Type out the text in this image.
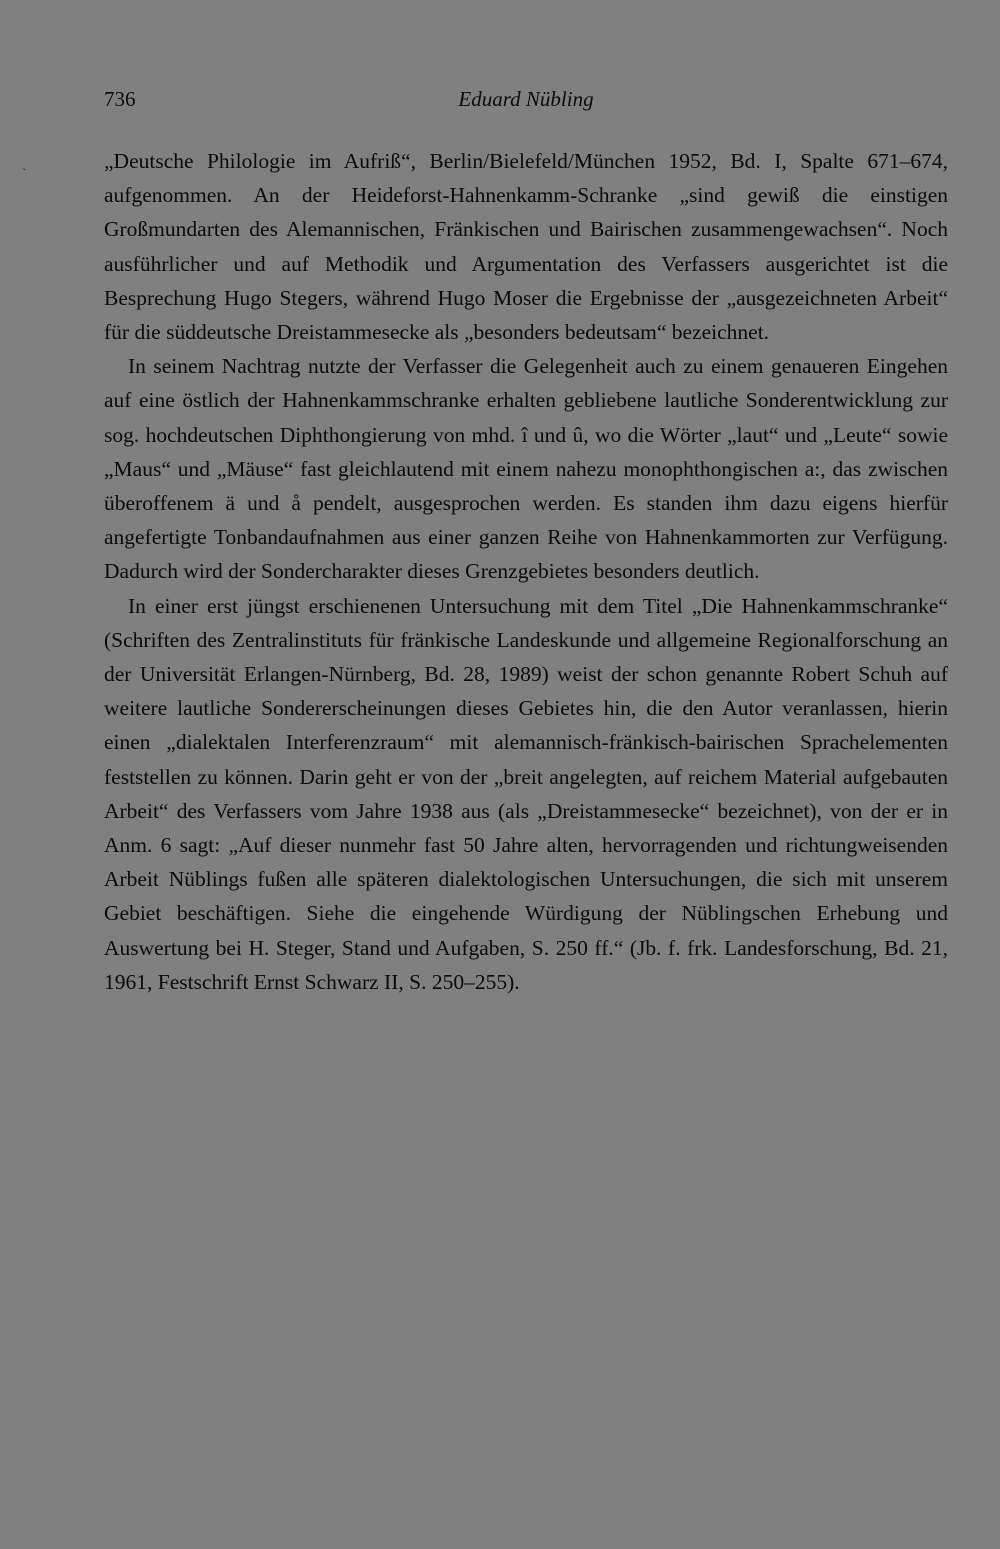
ˋ
736	Eduard Nübling

„Deutsche Philologie im Aufriß“, Berlin/Bielefeld/München 1952, Bd. I, Spalte 671–674, aufgenommen. An der Heideforst-Hahnenkamm-Schranke „sind gewiß die einstigen Großmundarten des Alemannischen, Fränkischen und Bairischen zusammengewachsen“. Noch ausführlicher und auf Methodik und Argumentation des Verfassers ausgerichtet ist die Besprechung Hugo Stegers, während Hugo Moser die Ergebnisse der „ausgezeichneten Arbeit“ für die süddeutsche Dreistammesecke als „besonders bedeutsam“ bezeichnet.

In seinem Nachtrag nutzte der Verfasser die Gelegenheit auch zu einem genaueren Eingehen auf eine östlich der Hahnenkammschranke erhalten gebliebene lautliche Sonderentwicklung zur sog. hochdeutschen Diphthongierung von mhd. î und û, wo die Wörter „laut“ und „Leute“ sowie „Maus“ und „Mäuse“ fast gleichlautend mit einem nahezu monophthongischen a:, das zwischen überoffenem ä und å pendelt, ausgesprochen werden. Es standen ihm dazu eigens hierfür angefertigte Tonbandaufnahmen aus einer ganzen Reihe von Hahnenkammorten zur Verfügung. Dadurch wird der Sondercharakter dieses Grenzgebietes besonders deutlich.

In einer erst jüngst erschienenen Untersuchung mit dem Titel „Die Hahnenkammschranke“ (Schriften des Zentralinstituts für fränkische Landeskunde und allgemeine Regionalforschung an der Universität Erlangen-Nürnberg, Bd. 28, 1989) weist der schon genannte Robert Schuh auf weitere lautliche Sondererscheinungen dieses Gebietes hin, die den Autor veranlassen, hierin einen „dialektalen Interferenzraum“ mit alemannisch-fränkisch-bairischen Sprachelementen feststellen zu können. Darin geht er von der „breit angelegten, auf reichem Material aufgebauten Arbeit“ des Verfassers vom Jahre 1938 aus (als „Dreistammesecke“ bezeichnet), von der er in Anm. 6 sagt: „Auf dieser nunmehr fast 50 Jahre alten, hervorragenden und richtungweisenden Arbeit Nüblings fußen alle späteren dialektologischen Untersuchungen, die sich mit unserem Gebiet beschäftigen. Siehe die eingehende Würdigung der Nüblingschen Erhebung und Auswertung bei H. Steger, Stand und Aufgaben, S. 250 ff.“ (Jb. f. frk. Landesforschung, Bd. 21, 1961, Festschrift Ernst Schwarz II, S. 250–255).
